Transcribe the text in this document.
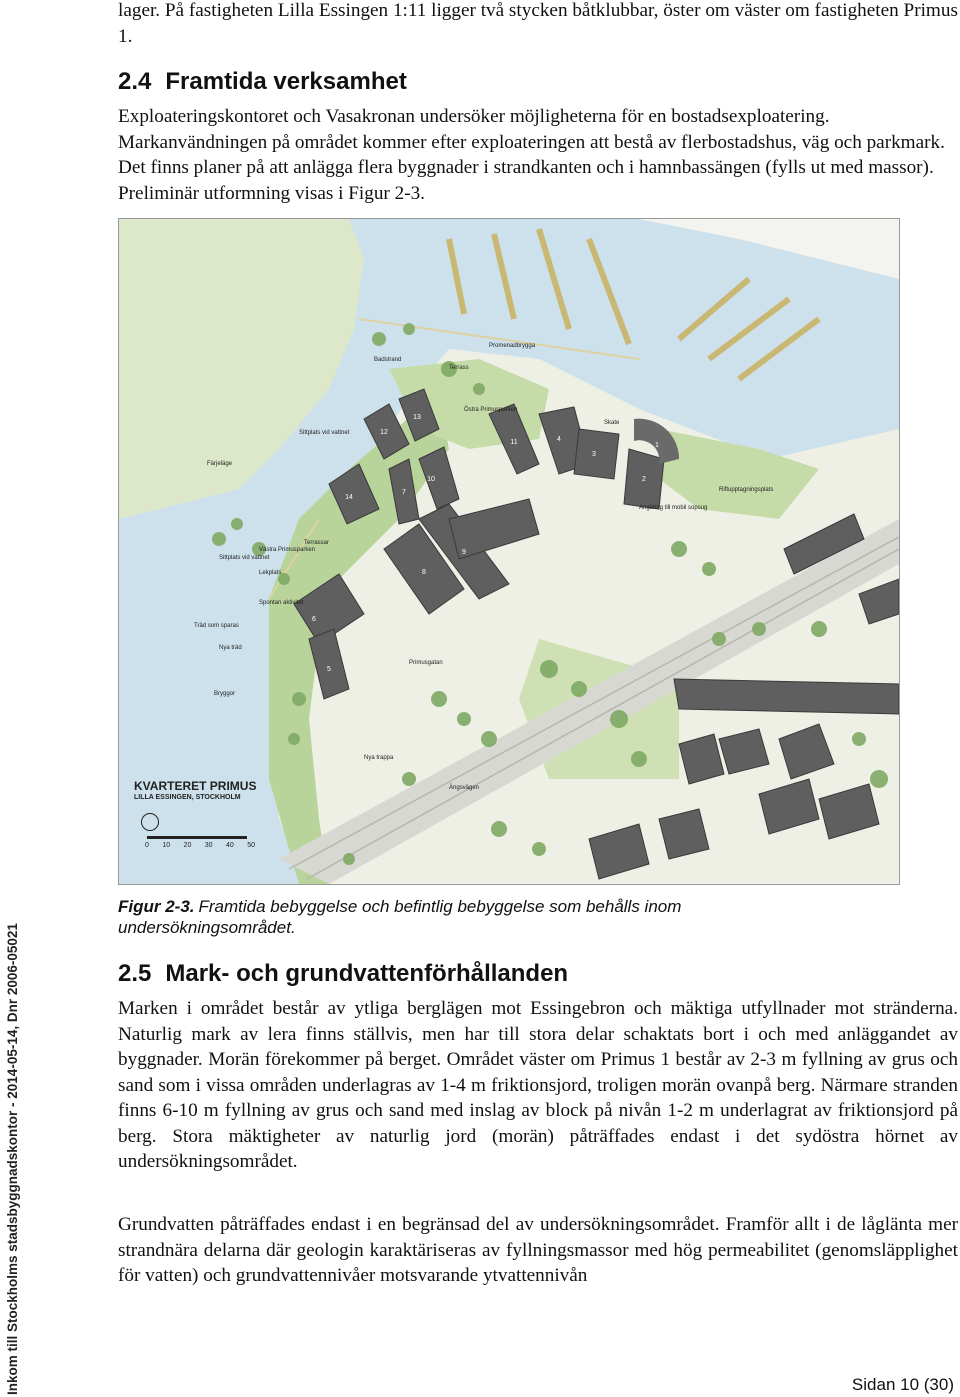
Inkom till Stockholms stadsbyggnadskontor - 2014-05-14, Dnr 2006-05021

lager. På fastigheten Lilla Essingen 1:11 ligger två stycken båtklubbar, öster om väster om fastigheten Primus 1.

2.4 Framtida verksamhet

Exploateringskontoret och Vasakronan undersöker möjligheterna för en bostadsexploatering. Markanvändningen på området kommer efter exploateringen att bestå av flerbostadshus, väg och parkmark. Det finns planer på att anlägga flera byggnader i strandkanten och i hamnbassängen (fylls ut med massor). Preliminär utformning visas i Figur 2-3.

6
5
8
9
7
10
11	4
3
12
13
14
2
1
Badstrand
Promenadbrygga
Terrass
Östra Primusparken
Skate
Sittplats vid vattnet
Färjeläge
Riftupptagningsplats
Angöring till mobil sopsug
Terrassar
Sittplats vid vattnet
Västra Primusparken
Lekplats
Spontan aktivitet
Träd som sparas
Nya träd
Bryggor
Primusgatan
Nya trappa
Ängsvägen
KVARTERET PRIMUS
LILLA ESSINGEN, STOCKHOLM
0 10 20 30 40 50
Figur 2-3. Framtida bebyggelse och befintlig bebyggelse som behålls inom undersökningsområdet.
2.5 Mark- och grundvattenförhållanden

Marken i området består av ytliga berglägen mot Essingebron och mäktiga utfyllnader mot stränderna. Naturlig mark av lera finns ställvis, men har till stora delar schaktats bort i och med anläggandet av byggnader. Morän förekommer på berget. Området väster om Primus 1 består av 2-3 m fyllning av grus och sand som i vissa områden underlagras av 1-4 m friktionsjord, troligen morän ovanpå berg. Närmare stranden finns 6-10 m fyllning av grus och sand med inslag av block på nivån 1-2 m underlagrat av friktionsjord på berg. Stora mäktigheter av naturlig jord (morän) påträffades endast i det sydöstra hörnet av undersökningsområdet.

Grundvatten påträffades endast i en begränsad del av undersökningsområdet. Framför allt i de låglänta mer strandnära delarna där geologin karaktäriseras av fyllningsmassor med hög permeabilitet (genomsläpplighet för vatten) och grundvattennivåer motsvarande ytvattennivån

Sidan 10 (30)
